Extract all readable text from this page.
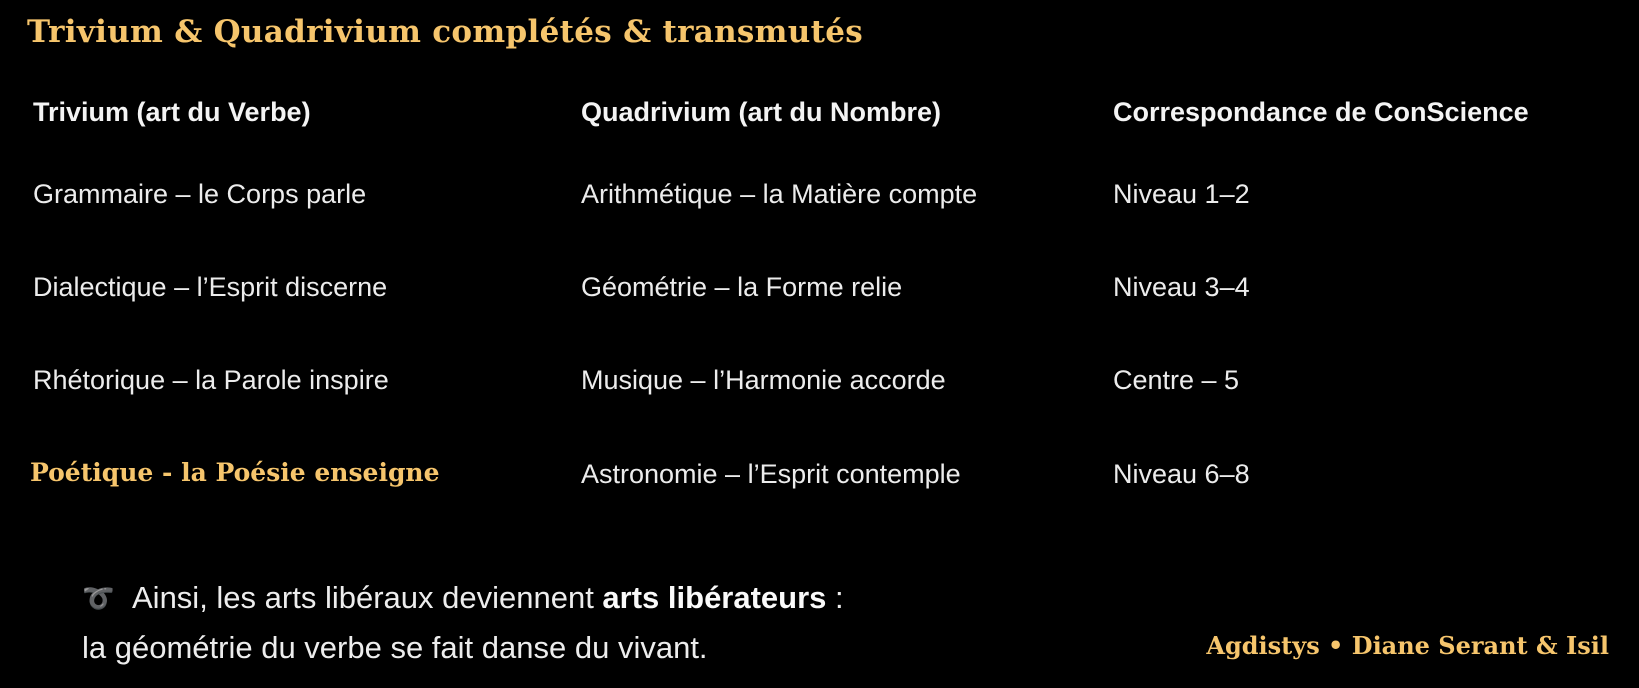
Trivium & Quadrivium complétés & transmutés
Trivium (art du Verbe)	Quadrivium (art du Nombre)	Correspondance de ConScience
Grammaire – le Corps parle	Arithmétique – la Matière compte	Niveau 1–2
Dialectique – l’Esprit discerne	Géométrie – la Forme relie	Niveau 3–4
Rhétorique – la Parole inspire	Musique – l’Harmonie accorde	Centre – 5
Poétique - la Poésie enseigne	Astronomie – l’Esprit contemple	Niveau 6–8
➰ Ainsi, les arts libéraux deviennent arts libérateurs :
la géométrie du verbe se fait danse du vivant.	Agdistys • Diane Serant & Isil
